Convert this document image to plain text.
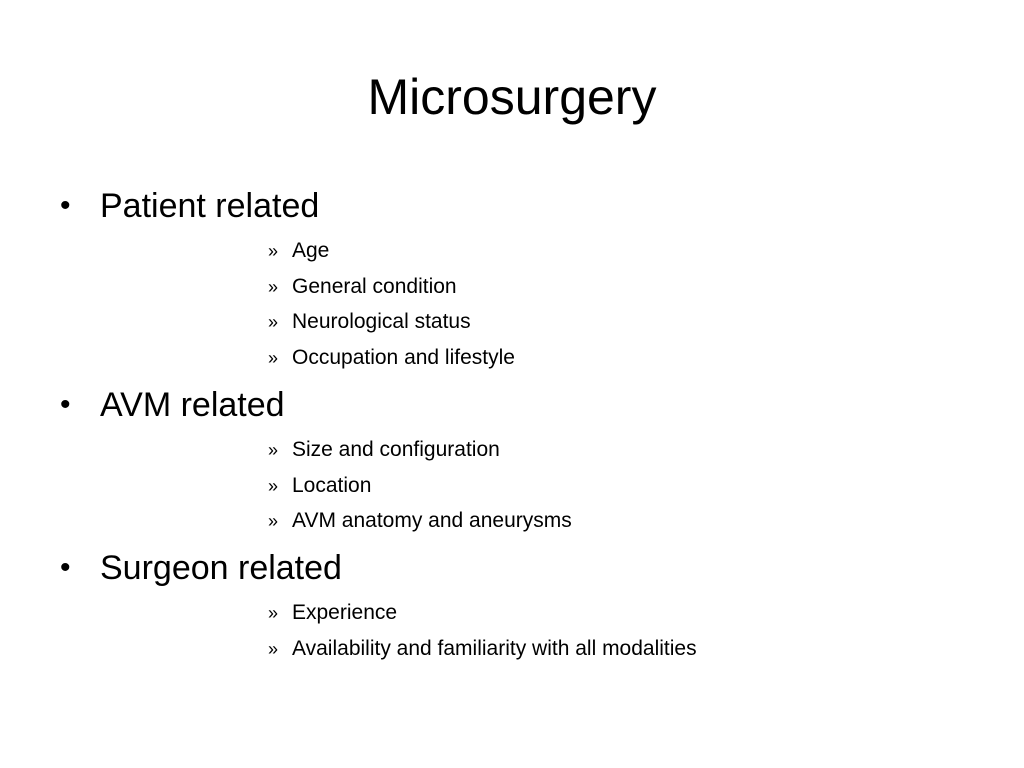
Microsurgery
• Patient related
» Age
» General condition
» Neurological status
» Occupation and lifestyle
• AVM related
» Size and configuration
» Location
» AVM anatomy and aneurysms
• Surgeon related
» Experience
» Availability and familiarity with all modalities
